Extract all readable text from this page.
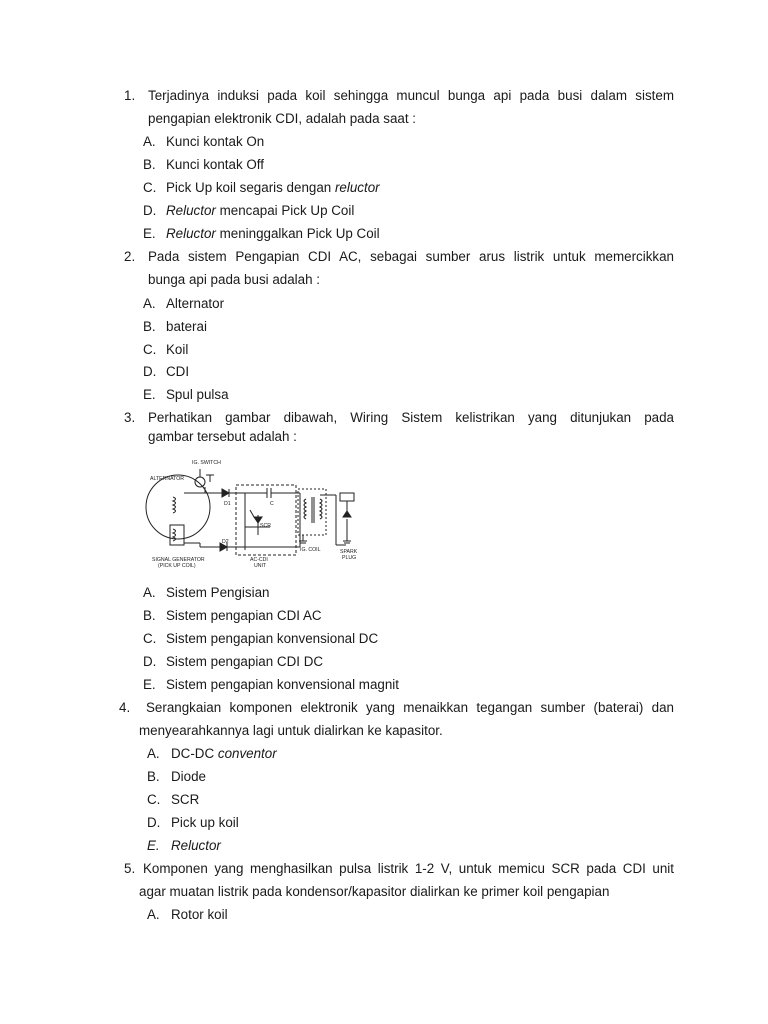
1. Terjadinya induksi pada koil sehingga muncul bunga api pada busi dalam sistem
pengapian elektronik CDI, adalah pada saat :
A. Kunci kontak On
B. Kunci kontak Off
C. Pick Up koil segaris dengan reluctor
D. Reluctor mencapai Pick Up Coil
E. Reluctor meninggalkan Pick Up Coil
2. Pada sistem Pengapian CDI AC, sebagai sumber arus listrik untuk memercikkan
bunga api pada busi adalah :
A. Alternator
B. baterai
C. Koil
D. CDI
E. Spul pulsa
3. Perhatikan gambar dibawah, Wiring Sistem kelistrikan yang ditunjukan pada
gambar tersebut adalah :
IG. SWITCH
ALTERNATOR
SIGNAL GENERATOR
(PICK UP COIL)
AC-CDI
UNIT
IG. COIL	SPARK
PLUG
SCR
D1
D2
C
A. Sistem Pengisian
B. Sistem pengapian CDI AC
C. Sistem pengapian konvensional DC
D. Sistem pengapian CDI DC
E. Sistem pengapian konvensional magnit
4. Serangkaian komponen elektronik yang menaikkan tegangan sumber (baterai) dan
menyearahkannya lagi untuk dialirkan ke kapasitor.
A. DC-DC conventor
B. Diode
C. SCR
D. Pick up koil
E. Reluctor
5. Komponen yang menghasilkan pulsa listrik 1-2 V, untuk memicu SCR pada CDI unit
agar muatan listrik pada kondensor/kapasitor dialirkan ke primer koil pengapian
A. Rotor koil
